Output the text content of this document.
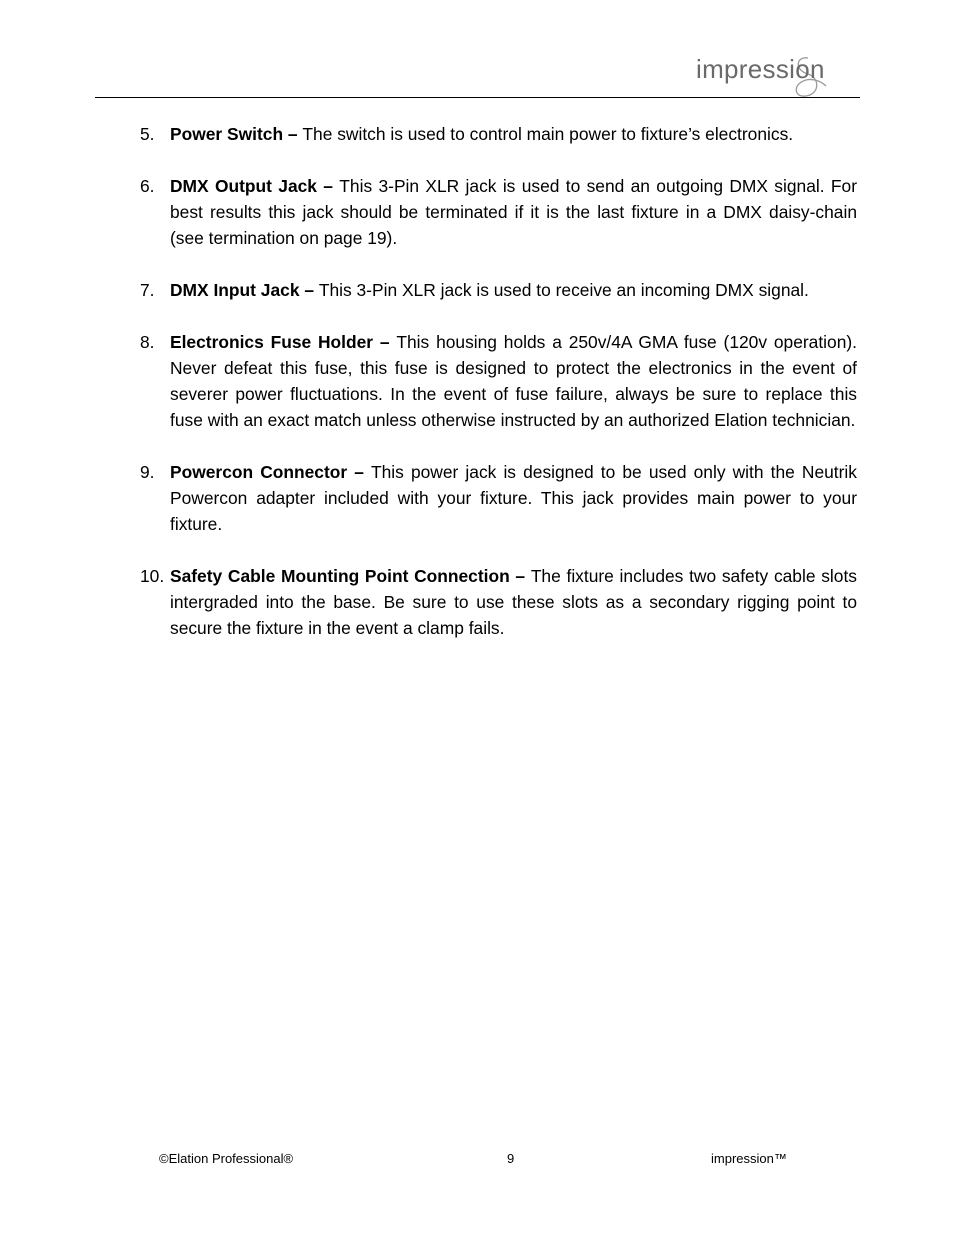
impression
5. Power Switch – The switch is used to control main power to fixture’s electronics.
6. DMX Output Jack – This 3-Pin XLR jack is used to send an outgoing DMX signal. For best results this jack should be terminated if it is the last fixture in a DMX daisy-chain (see termination on page 19).
7. DMX Input Jack – This 3-Pin XLR jack is used to receive an incoming DMX signal.
8. Electronics Fuse Holder – This housing holds a 250v/4A GMA fuse (120v operation). Never defeat this fuse, this fuse is designed to protect the electronics in the event of severer power fluctuations. In the event of fuse failure, always be sure to replace this fuse with an exact match unless otherwise instructed by an authorized Elation technician.
9. Powercon Connector – This power jack is designed to be used only with the Neutrik Powercon adapter included with your fixture. This jack provides main power to your fixture.
10. Safety Cable Mounting Point Connection – The fixture includes two safety cable slots intergraded into the base. Be sure to use these slots as a secondary rigging point to secure the fixture in the event a clamp fails.
©Elation Professional®	9	impression™
